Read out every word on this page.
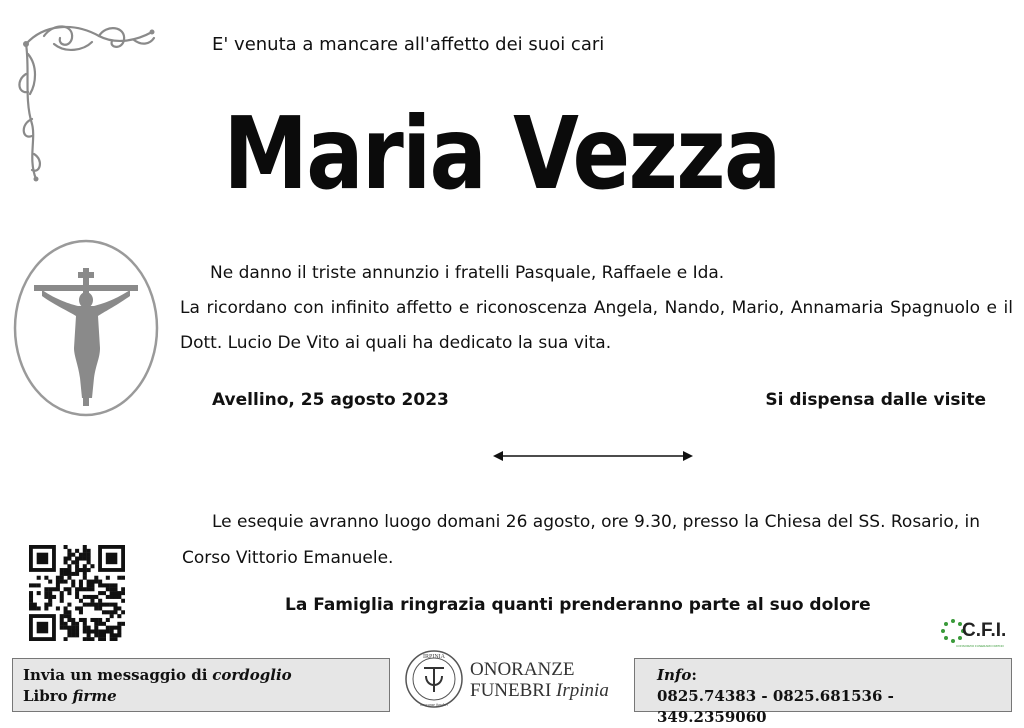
E' venuta a mancare all'affetto dei suoi cari
Maria Vezza
Ne danno il triste annunzio i fratelli Pasquale, Raffaele e Ida.
La ricordano con infinito affetto e riconoscenza Angela, Nando, Mario, Annamaria Spagnuolo e il Dott. Lucio De Vito ai quali ha dedicato la sua vita.
Avellino, 25 agosto 2023	Si dispensa dalle visite
Le esequie avranno luogo domani 26 agosto, ore 9.30, presso la Chiesa del SS. Rosario, in Corso Vittorio Emanuele.
La Famiglia ringrazia quanti prenderanno parte al suo dolore
C.F.I.
CONSORZIO FUNERARIO IRPINO
Invia un messaggio di cordoglio
Libro firme
IRPINIA
onoranze funebri
ONORANZE
FUNEBRI Irpinia
Info:
0825.74383 - 0825.681536 - 349.2359060
